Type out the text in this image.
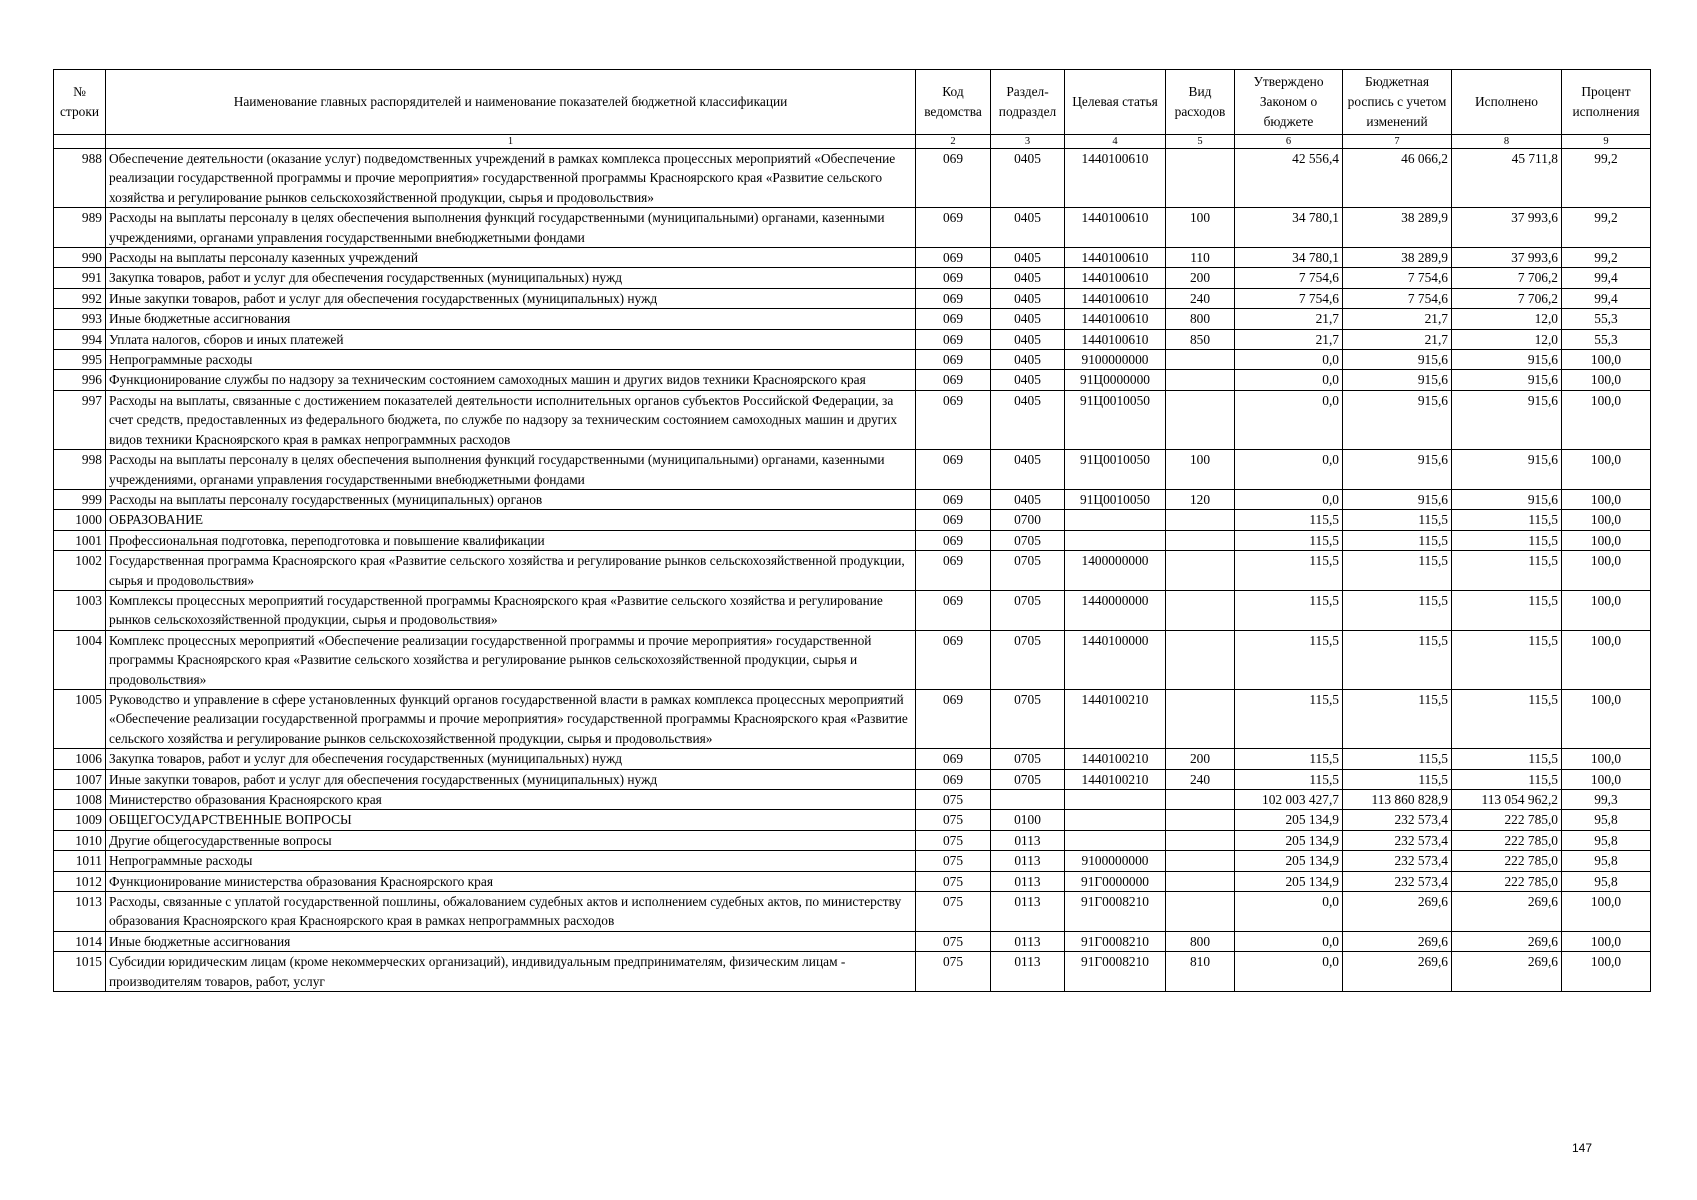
№ строки	Наименование главных распорядителей и наименование показателей бюджетной классификации	Код ведомства	Раздел-подраздел	Целевая статья	Вид расходов	Утверждено Законом о бюджете	Бюджетная роспись с учетом изменений	Исполнено	Процент исполнения
	1	2	3	4	5	6	7	8	9
988	Обеспечение деятельности (оказание услуг) подведомственных учреждений в рамках комплекса процессных мероприятий «Обеспечение реализации государственной программы и прочие мероприятия» государственной программы Красноярского края «Развитие сельского хозяйства и регулирование рынков сельскохозяйственной продукции, сырья и продовольствия»	069	0405	1440100610		42 556,4	46 066,2	45 711,8	99,2
989	Расходы на выплаты персоналу в целях обеспечения выполнения функций государственными (муниципальными) органами, казенными учреждениями, органами управления государственными внебюджетными фондами	069	0405	1440100610	100	34 780,1	38 289,9	37 993,6	99,2
990	Расходы на выплаты персоналу казенных учреждений	069	0405	1440100610	110	34 780,1	38 289,9	37 993,6	99,2
991	Закупка товаров, работ и услуг для обеспечения государственных (муниципальных) нужд	069	0405	1440100610	200	7 754,6	7 754,6	7 706,2	99,4
992	Иные закупки товаров, работ и услуг для обеспечения государственных (муниципальных) нужд	069	0405	1440100610	240	7 754,6	7 754,6	7 706,2	99,4
993	Иные бюджетные ассигнования	069	0405	1440100610	800	21,7	21,7	12,0	55,3
994	Уплата налогов, сборов и иных платежей	069	0405	1440100610	850	21,7	21,7	12,0	55,3
995	Непрограммные расходы	069	0405	9100000000		0,0	915,6	915,6	100,0
996	Функционирование службы по надзору за техническим состоянием самоходных машин и других видов техники Красноярского края	069	0405	91Ц0000000		0,0	915,6	915,6	100,0
997	Расходы на выплаты, связанные с достижением показателей деятельности исполнительных органов субъектов Российской Федерации, за счет средств, предоставленных из федерального бюджета, по службе по надзору за техническим состоянием самоходных машин и других видов техники Красноярского края в рамках непрограммных расходов	069	0405	91Ц0010050		0,0	915,6	915,6	100,0
998	Расходы на выплаты персоналу в целях обеспечения выполнения функций государственными (муниципальными) органами, казенными учреждениями, органами управления государственными внебюджетными фондами	069	0405	91Ц0010050	100	0,0	915,6	915,6	100,0
999	Расходы на выплаты персоналу государственных (муниципальных) органов	069	0405	91Ц0010050	120	0,0	915,6	915,6	100,0
1000	ОБРАЗОВАНИЕ	069	0700			115,5	115,5	115,5	100,0
1001	Профессиональная подготовка, переподготовка и повышение квалификации	069	0705			115,5	115,5	115,5	100,0
1002	Государственная программа Красноярского края «Развитие сельского хозяйства и регулирование рынков сельскохозяйственной продукции, сырья и продовольствия»	069	0705	1400000000		115,5	115,5	115,5	100,0
1003	Комплексы процессных мероприятий государственной программы Красноярского края «Развитие сельского хозяйства и регулирование рынков сельскохозяйственной продукции, сырья и продовольствия»	069	0705	1440000000		115,5	115,5	115,5	100,0
1004	Комплекс процессных мероприятий «Обеспечение реализации государственной программы и прочие мероприятия» государственной программы Красноярского края «Развитие сельского хозяйства и регулирование рынков сельскохозяйственной продукции, сырья и продовольствия»	069	0705	1440100000		115,5	115,5	115,5	100,0
1005	Руководство и управление в сфере установленных функций органов государственной власти в рамках комплекса процессных мероприятий «Обеспечение реализации государственной программы и прочие мероприятия» государственной программы Красноярского края «Развитие сельского хозяйства и регулирование рынков сельскохозяйственной продукции, сырья и продовольствия»	069	0705	1440100210		115,5	115,5	115,5	100,0
1006	Закупка товаров, работ и услуг для обеспечения государственных (муниципальных) нужд	069	0705	1440100210	200	115,5	115,5	115,5	100,0
1007	Иные закупки товаров, работ и услуг для обеспечения государственных (муниципальных) нужд	069	0705	1440100210	240	115,5	115,5	115,5	100,0
1008	Министерство образования Красноярского края	075				102 003 427,7	113 860 828,9	113 054 962,2	99,3
1009	ОБЩЕГОСУДАРСТВЕННЫЕ ВОПРОСЫ	075	0100			205 134,9	232 573,4	222 785,0	95,8
1010	Другие общегосударственные вопросы	075	0113			205 134,9	232 573,4	222 785,0	95,8
1011	Непрограммные расходы	075	0113	9100000000		205 134,9	232 573,4	222 785,0	95,8
1012	Функционирование министерства образования Красноярского края	075	0113	91Г0000000		205 134,9	232 573,4	222 785,0	95,8
1013	Расходы, связанные с уплатой государственной пошлины, обжалованием судебных актов и исполнением судебных актов, по министерству образования Красноярского края Красноярского края в рамках непрограммных расходов	075	0113	91Г0008210		0,0	269,6	269,6	100,0
1014	Иные бюджетные ассигнования	075	0113	91Г0008210	800	0,0	269,6	269,6	100,0
1015	Субсидии юридическим лицам (кроме некоммерческих организаций), индивидуальным предпринимателям, физическим лицам - производителям товаров, работ, услуг	075	0113	91Г0008210	810	0,0	269,6	269,6	100,0
147
